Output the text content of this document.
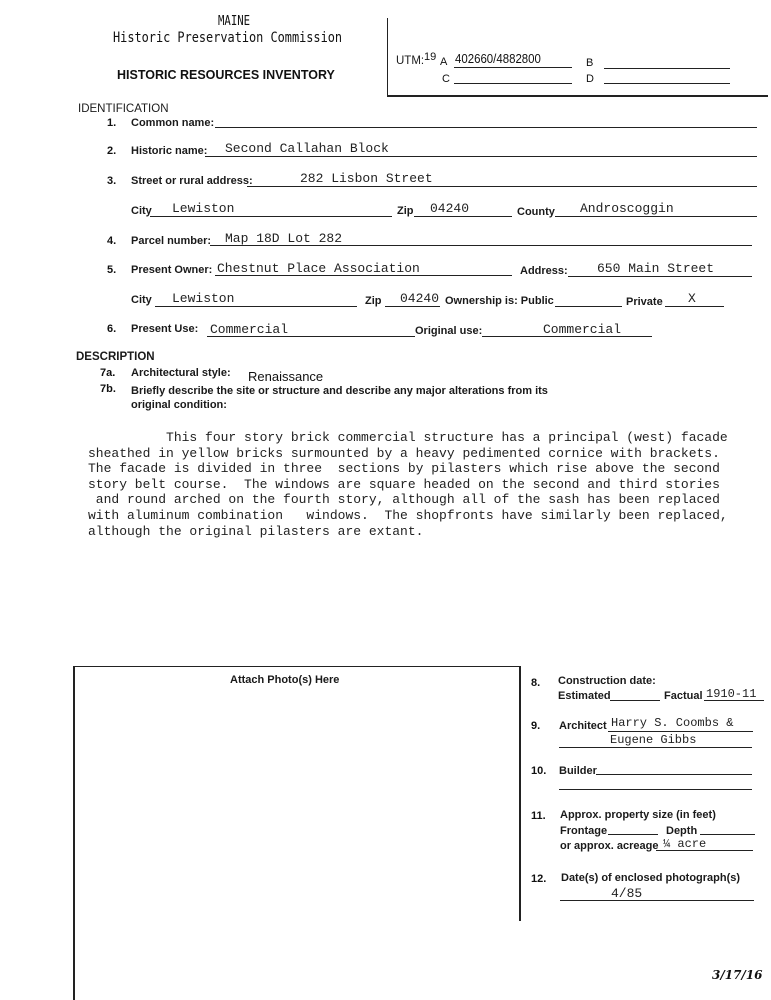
MAINE
Historic Preservation Commission
HISTORIC RESOURCES INVENTORY
UTM: 19 A 402660/4882800	B
C	D
IDENTIFICATION
1. Common name:
2. Historic name: Second Callahan Block
3. Street or rural address:	282 Lisbon Street
City Lewiston	Zip 04240	County Androscoggin
4. Parcel number: Map 18D Lot 282
5. Present Owner: Chestnut Place Association	Address: 650 Main Street
City Lewiston	Zip 04240 Ownership is: Public	Private X
6. Present Use: Commercial	Original use:	Commercial
DESCRIPTION
7a. Architectural style: Renaissance
7b. Briefly describe the site or structure and describe any major alterations from its
original condition:
This four story brick commercial structure has a principal (west) facade
sheathed in yellow bricks surmounted by a heavy pedimented cornice with brackets.
The facade is divided in three  sections by pilasters which rise above the second
story belt course.  The windows are square headed on the second and third stories
and round arched on the fourth story, although all of the sash has been replaced
with aluminum combination   windows.  The shopfronts have similarly been replaced,
although the original pilasters are extant.
Attach Photo(s) Here	8. Construction date:
Estimated	Factual 1910-11
9. Architect Harry S. Coombs &
Eugene Gibbs
10. Builder
11. Approx. property size (in feet)
Frontage	Depth
or approx. acreage ¼ acre
12. Date(s) of enclosed photograph(s)
4/85
3/17/16
